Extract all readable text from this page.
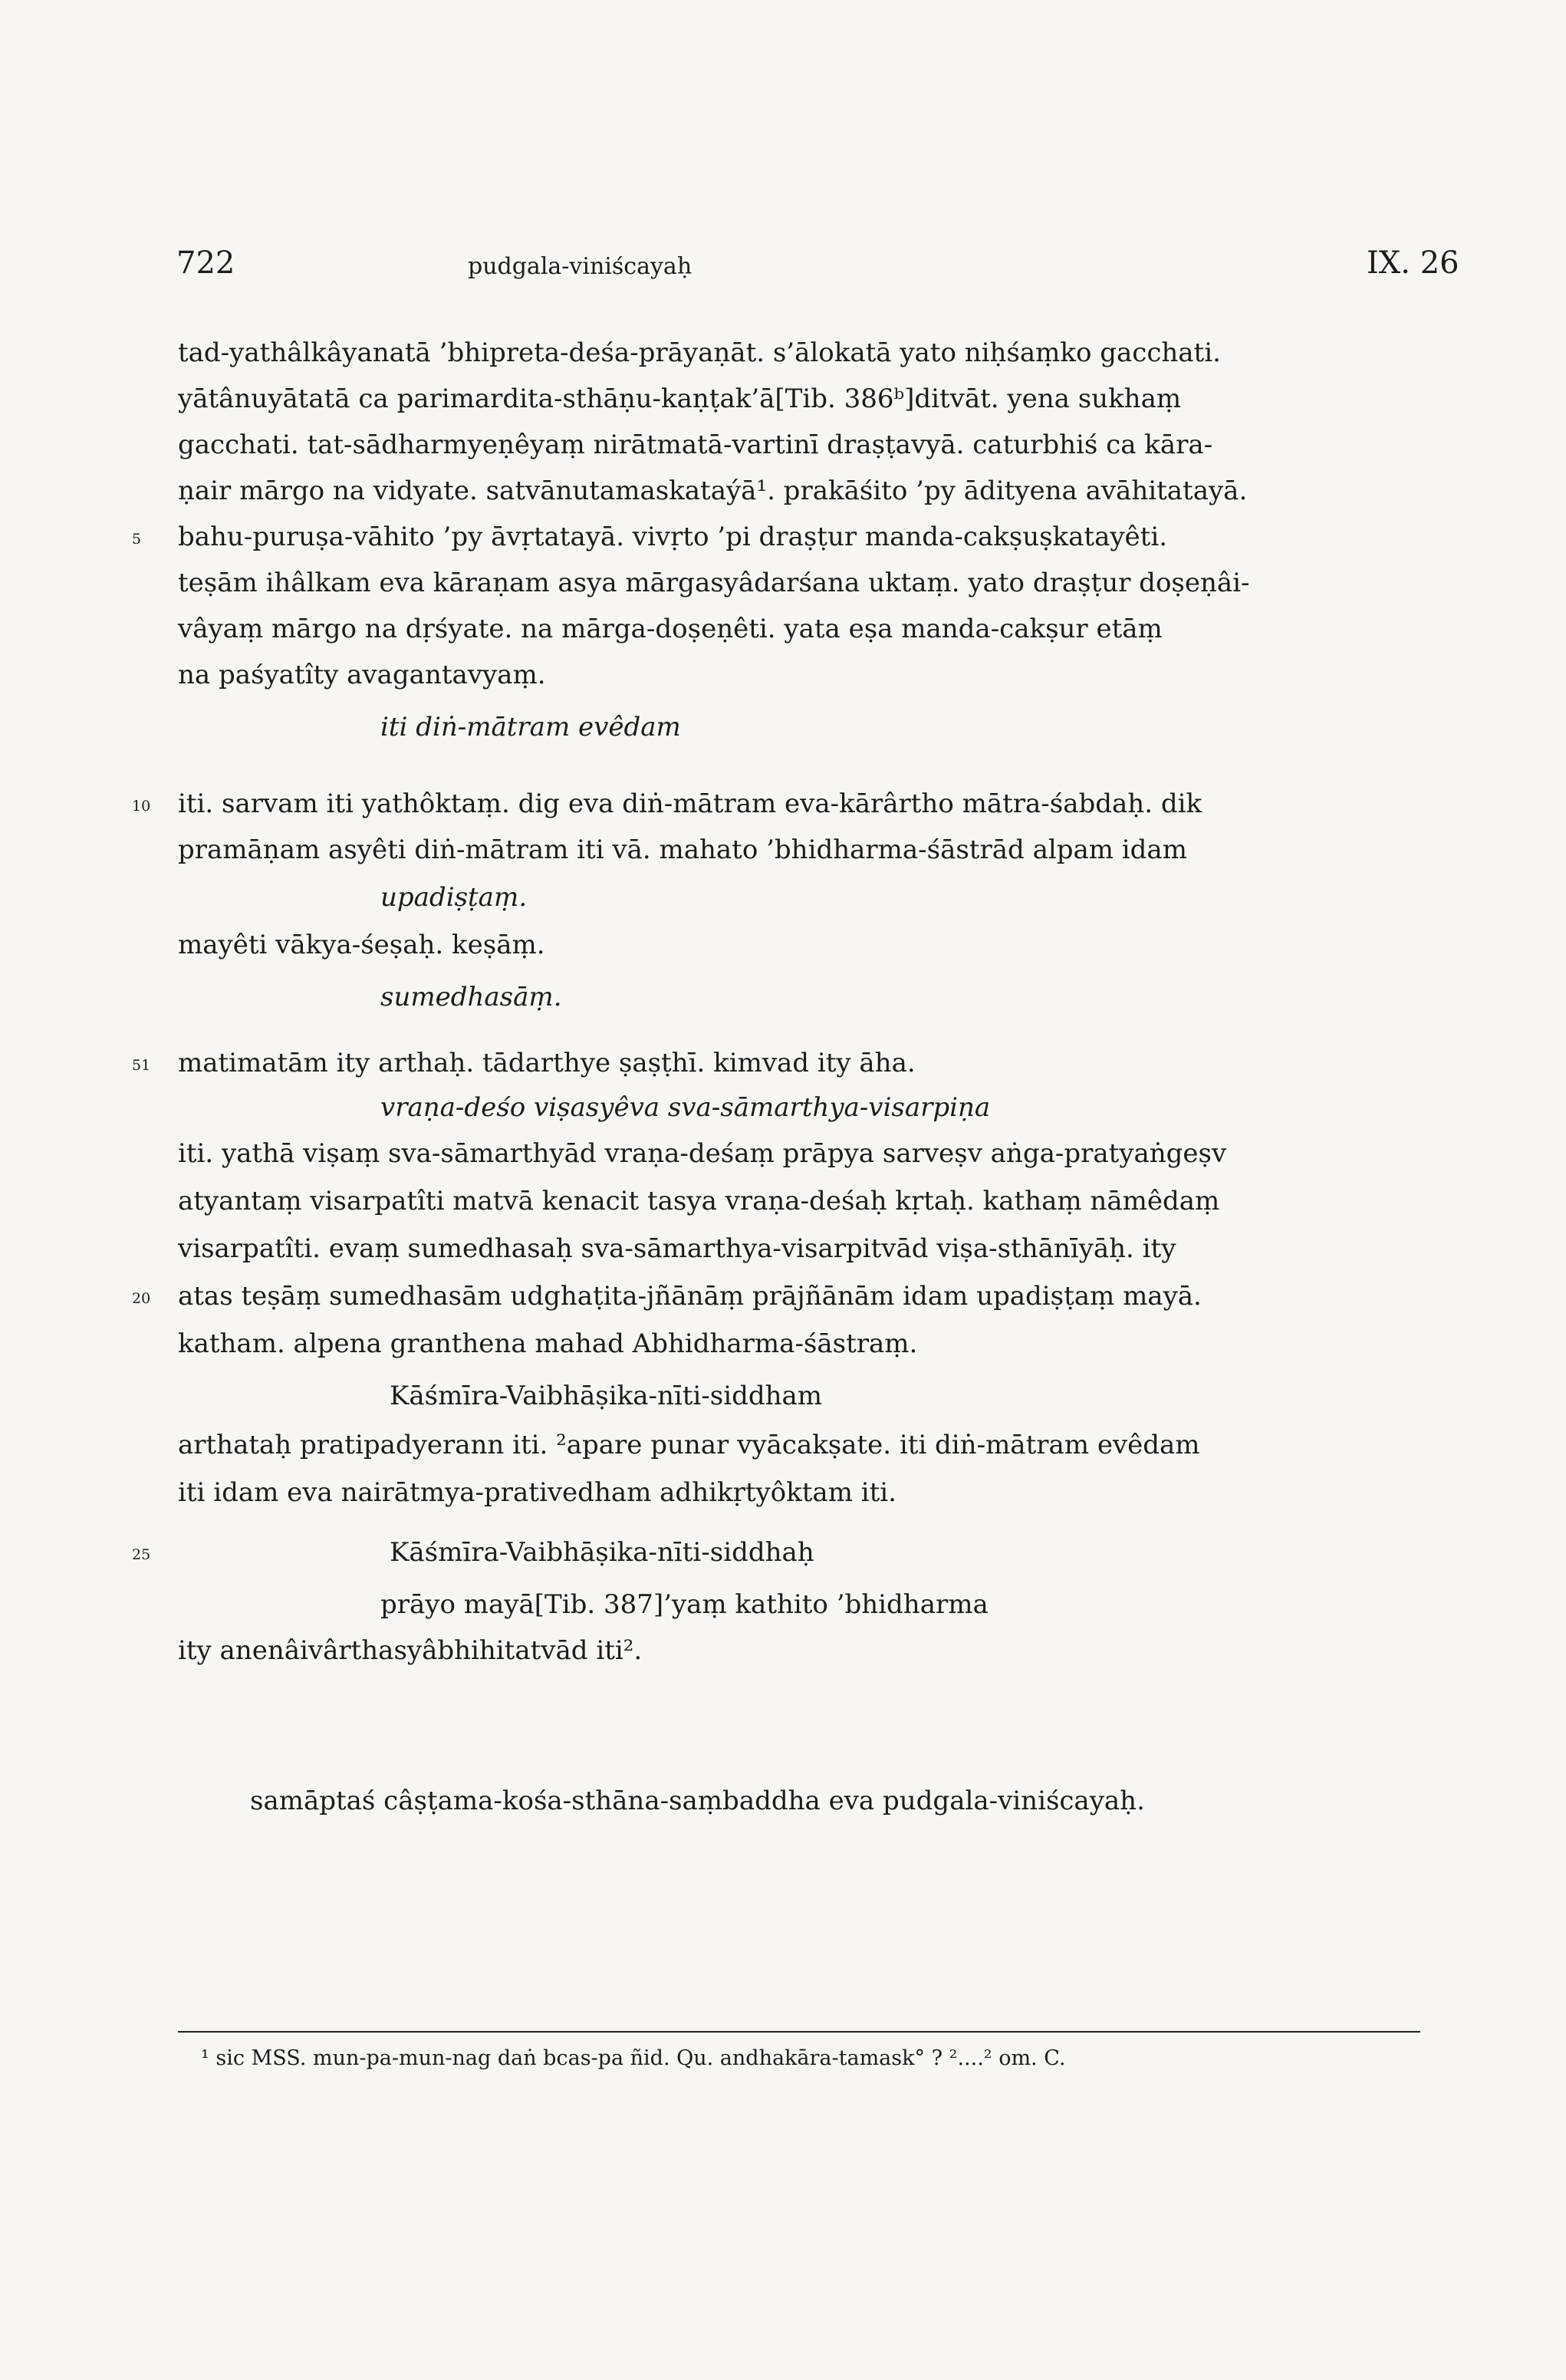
722	pudgala-viniścayaḥ	IX. 26
tad-yathâlkâyanatā ’bhipreta-deśa-prāyaṇāt. s’ālokatā yato niḥśaṃko gacchati.
yātânuyātatā ca parimardita-sthāṇu-kaṇṭak’ā[Tib. 386ᵇ]ditvāt. yena sukhaṃ
gacchati. tat-sādharmyeṇêyaṃ nirātmatā-vartinī draṣṭavyā. caturbhiś ca kāra-
ṇair mārgo na vidyate. satvānutamaskataýā¹. prakāśito ’py ādityena avāhitatayā.
5 bahu-puruṣa-vāhito ’py āvṛtatayā. vivṛto ’pi draṣṭur manda-cakṣuṣkatayêti.
teṣām ihâlkam eva kāraṇam asya mārgasyâdarśana uktaṃ. yato draṣṭur doṣeṇâi-
vâyaṃ mārgo na dṛśyate. na mārga-doṣeṇêti. yata eṣa manda-cakṣur etāṃ
na paśyatîty avagantavyaṃ.
iti diṅ-mātram evêdam
10 iti. sarvam iti yathôktaṃ. dig eva diṅ-mātram eva-kārârtho mātra-śabdaḥ. dik
pramāṇam asyêti diṅ-mātram iti vā. mahato ’bhidharma-śāstrād alpam idam
upadiṣṭaṃ.
mayêti vākya-śeṣaḥ. keṣāṃ.
sumedhasāṃ.
51 matimatām ity arthaḥ. tādarthye ṣaṣṭhī. kimvad ity āha.
vraṇa-deśo viṣasyêva sva-sāmarthya-visarpiṇa
iti. yathā viṣaṃ sva-sāmarthyād vraṇa-deśaṃ prāpya sarveṣv aṅga-pratyaṅgeṣv
atyantaṃ visarpatîti matvā kenacit tasya vraṇa-deśaḥ kṛtaḥ. kathaṃ nāmêdaṃ
visarpatîti. evaṃ sumedhasaḥ sva-sāmarthya-visarpitvād viṣa-sthānīyāḥ. ity
20 atas teṣāṃ sumedhasām udghaṭita-jñānāṃ prājñānām idam upadiṣṭaṃ mayā.
katham. alpena granthena mahad Abhidharma-śāstraṃ.
Kāśmīra-Vaibhāṣika-nīti-siddham
arthataḥ pratipadyerann iti. ²apare punar vyācakṣate. iti diṅ-mātram evêdam
iti idam eva nairātmya-prativedham adhikṛtyôktam iti.
25	Kāśmīra-Vaibhāṣika-nīti-siddhaḥ
prāyo mayā[Tib. 387]’yaṃ kathito ’bhidharma
ity anenâivârthasyâbhihitatvād iti².
samāptaś câṣṭama-kośa-sthāna-saṃbaddha eva pudgala-viniścayaḥ.
¹ sic MSS. mun-pa-mun-nag daṅ bcas-pa ñid. Qu. andhakāra-tamask° ? ²....² om. C.
